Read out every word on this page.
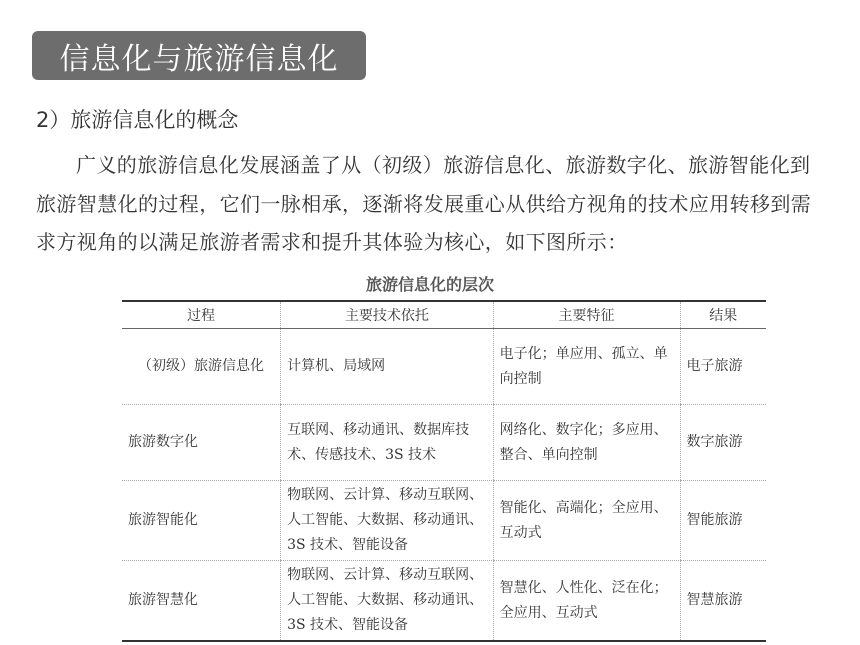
信息化与旅游信息化
2）旅游信息化的概念

广义的旅游信息化发展涵盖了从（初级）旅游信息化、旅游数字化、旅游智能化到旅游智慧化的过程，它们一脉相承，逐渐将发展重心从供给方视角的技术应用转移到需求方视角的以满足旅游者需求和提升其体验为核心，如下图所示：

旅游信息化的层次
过程	主要技术依托	主要特征	结果
（初级）旅游信息化	计算机、局域网	电子化；单应用、孤立、单向控制	电子旅游
旅游数字化	互联网、移动通讯、数据库技术、传感技术、3S 技术	网络化、数字化；多应用、整合、单向控制	数字旅游
旅游智能化	物联网、云计算、移动互联网、人工智能、大数据、移动通讯、3S 技术、智能设备	智能化、高端化；全应用、互动式	智能旅游
旅游智慧化	物联网、云计算、移动互联网、人工智能、大数据、移动通讯、3S 技术、智能设备	智慧化、人性化、泛在化；全应用、互动式	智慧旅游
